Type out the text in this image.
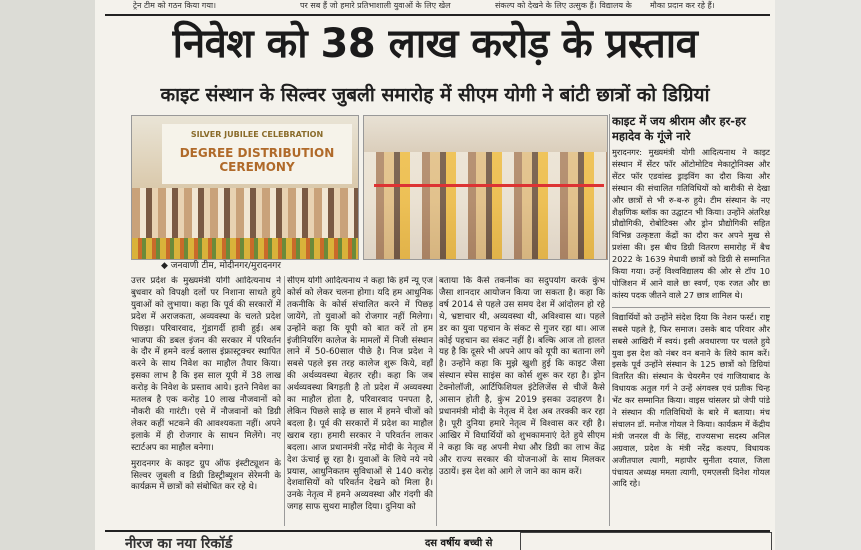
ट्रेन टीम को गठन किया गया।	पर सब हैं जो हमारे प्रतिभाशाली युवाओं के लिए खेल	संकल्प को देखने के लिए उत्सुक हैं। विद्यालय के मौका प्रदान कर रहे हैं।
निवेश को 38 लाख करोड़ के प्रस्ताव
काइट संस्थान के सिल्वर जुबली समारोह में सीएम योगी ने बांटी छात्रों को डिग्रियां
SILVER JUBILEE CELEBRATION
DEGREE DISTRIBUTION CEREMONY
◆ जनवाणी टीम, मोदीनगर/मुरादनगर

उत्तर प्रदेश के मुख्यमंत्री योगी आदित्यनाथ ने बुधवार को विपक्षी दलों पर निशाना साधते हुये युवाओं को लुभाया। कहा कि पूर्व की सरकारों में प्रदेश में अराजकता, अव्यवस्था के चलते प्रदेश पिछड़ा। परिवारवाद, गुंडागर्दी हावी हुई। अब भाजपा की डबल इंजन की सरकार में परिवर्तन के दौर में हमने वर्ल्ड क्लास इंफ्रास्ट्रक्चर स्थापित करने के साथ निवेश का माहौल तैयार किया। इसका लाभ है कि इस साल यूपी में 38 लाख करोड़ के निवेश के प्रस्ताव आये। इतने निवेश का मतलब है एक करोड़ 10 लाख नौजवानों को नौकरी की गारंटी। एसे में नौजवानों को डिग्री लेकर कहीं भटकने की आवश्यकता नहीं। अपने इलाके में ही रोजगार के साधन मिलेंगे। नए स्टार्टअप का माहौल बनेगा।

मुरादनगर के काइट ग्रुप ऑफ इंस्टीट्यूशन के सिल्वर जुबली व डिग्री डिस्ट्रीब्यूशन सेरेमनी के कार्यक्रम में छात्रों को संबोधित कर रहे थे।

सीएम योगी आदित्यनाथ ने कहा कि हमें न्यू एज कोर्स को लेकर चलना होगा। यदि हम आधुनिक तकनीकि के कोर्स संचालित करने में पिछड़ जायेंगे, तो युवाओं को रोजगार नहीं मिलेगा। उन्होंने कहा कि यूपी को बात करें तो हम इंजीनियरिंग कालेज के मामलों में निजी संस्थान लाने में 50-60साल पीछे है। निज प्रदेश ने सबसे पहले इस तरह कालेज शुरू किये, वहाँ की अर्थव्यवस्था बेहतर रही। कहा कि जब अर्थव्यवस्था बिगड़ती है तो प्रदेश में अव्यवस्था का माहौल होता है, परिवारवाद पनपता है, लेकिन पिछले साढ़े छ साल में हमने चीजों को बदला है। पूर्व की सरकारों में प्रदेश का माहौल खराब रहा। हमारी सरकार ने परिवर्तन लाकर बदला। आज प्रधानमंत्री नरेंद्र मोदी के नेतृत्व में देश ऊंचाई छू रहा है। युवाओं के लिये नये नये प्रयास, आधुनिकतम सुविधाओं से 140 करोड़ देशवासियों को परिवर्तन देखने को मिला है। उनके नेतृत्व में हमने अव्यवस्था और गंदगी की जगह साफ सुथरा माहौल दिया। दुनिया को

बताया कि कैसे तकनीक का सदुपयोग करके कुंभ जैसा शानदार आयोजन किया जा सकता है। कहा कि वर्ष 2014 से पहले उस समय देश में आंदोलन हो रहे थे, भ्रष्टाचार थी, अव्यवस्था थी, अविश्वास था। पहले डर का युवा पहचान के संकट से गुजर रहा था। आज कोई पहचान का संकट नहीं है। बल्कि आज तो हालत यह है कि दूसरे भी अपने आप को यूपी का बताना लगे है। उन्होंने कहा कि मुझे खुशी हुई कि काइट जैसा संस्थान स्पेस साइंस का कोर्स शुरू कर रहा है। ड्रोन टेक्नोलॉजी, आर्टिफिशियल इंटेलिजेंस से चीजें कैसे आसान होती है, कुंभ 2019 इसका उदाहरण है। प्रधानमंत्री मोदी के नेतृत्व में देश अब तरक्की कर रहा है। पूरी दुनिया हमारे नेतृत्व में विश्वास कर रही है। आखिर में विधार्थियों को शुभकामनाएं देते हुये सीएम ने कहा कि वह अपनी मेधा और डिग्री का लाभ केंद्र और राज्य सरकार की योजनाओं के साथ मिलकर उठायें। इस देश को आगे ले जाने का काम करें।

काइट में जय श्रीराम और हर-हर महादेव के गूंजे नारे

मुरादनगर: मुख्यमंत्री योगी आदित्यनाथ ने काइट संस्थान में सेंटर फॉर ऑटोमोटिव मेकाट्रोनिक्स और सेंटर फॉर एडवांस्ड ड्राइविंग का दौरा किया और संस्थान की संचालित गतिविधियों को बारीकी से देखा और छात्रों से भी रु-ब-रु हुये। टीम संस्थान के नए शैक्षणिक ब्लॉक का उद्घाटन भी किया। उन्होंने अंतरिक्ष प्रौद्योगिकी, रोबोटिक्स और ड्रोन प्रौद्योगिकी सहित विभिन्न उत्कृष्टता केंद्रों का दौरा कर अपने मुख से प्रशंसा की। इस बीच डिग्री वितरण समारोह में बैच 2022 के 1639 मेधावी छात्रों को डिग्री से सम्मानित किया गया। उन्हें विश्वविद्यालय की ओर से टॉप 10 पोजिशन में आने वाले छः स्वर्ण, एक रजत और छः कांस्य पदक जीतने वाले 27 छात्र शामिल थे।

विद्यार्थियों को उन्होंने संदेश दिया कि नेशन फर्स्ट। राष्ट्र सबसे पहले है, फिर समाज। उसके बाद परिवार और सबसे आखिरी में स्वयं। इसी अवधारणा पर चलते हुये युवा इस देश को नंबर वन बनाने के लिये काम करें। इसके पूर्व उन्होंने संस्थान के 125 छात्रों को डिग्रियां वितरित की। संस्थान के चेयरमैन एवं गाजियाबाद के विधायक अतुल गर्ग ने उन्हें अंगवस्त्र एवं प्रतीक चिन्ह भेंट कर सम्मानित किया। वाइस चांसलर प्रो जेपी पांडे ने संस्थान की गतिविधियों के बारे में बताया। मंच संचालन डॉ. मनोज गोयल ने किया। कार्यक्रम में केंद्रीय मंत्री जनरल वी के सिंह, राज्यसभा सदस्य अनिल अग्रवाल, प्रदेश के मंत्री नरेंद्र कश्यप, विधायक अजीतपाल त्यागी, महापौर सुनीता दयाल, जिला पंचायत अध्यक्ष ममता त्यागी, एमएलसी दिनेश गोयल आदि रहे।

नीरज का नया रिकॉर्ड	दस वर्षीय बच्ची से
